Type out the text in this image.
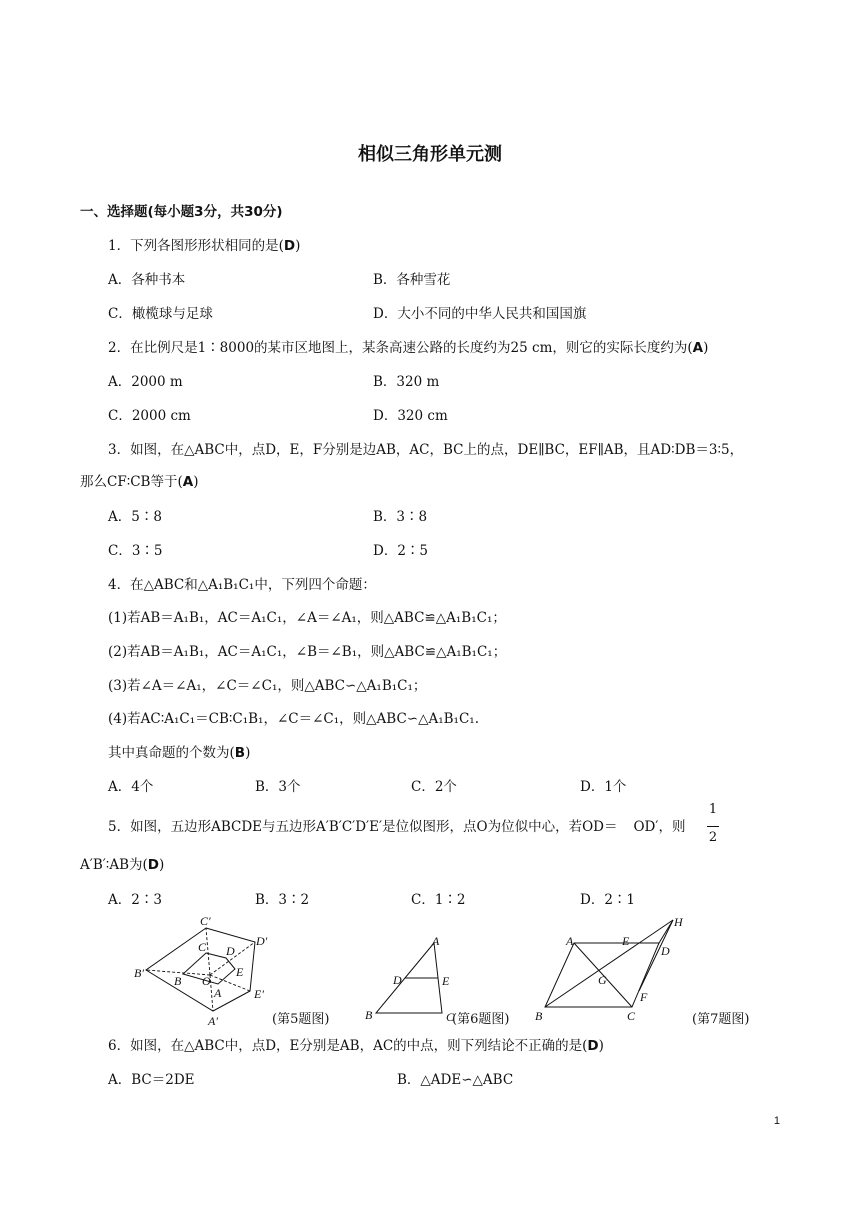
相似三角形单元测
一、选择题(每小题3分，共30分)
1．下列各图形形状相同的是(D)
A．各种书本	B．各种雪花
C．橄榄球与足球	D．大小不同的中华人民共和国国旗
2．在比例尺是1∶8000的某市区地图上，某条高速公路的长度约为25 cm，则它的实际长度约为(A)
A．2000 m	B．320 m
C．2000 cm	D．320 cm
3．如图，在△ABC中，点D，E，F分别是边AB，AC，BC上的点，DE∥BC，EF∥AB，且AD∶DB＝3∶5，
那么CF∶CB等于(A)
A．5∶8	B．3∶8
C．3∶5	D．2∶5
4．在△ABC和△A₁B₁C₁中，下列四个命题：
(1)若AB＝A₁B₁，AC＝A₁C₁，∠A＝∠A₁，则△ABC≌△A₁B₁C₁；
(2)若AB＝A₁B₁，AC＝A₁C₁，∠B＝∠B₁，则△ABC≌△A₁B₁C₁；
(3)若∠A＝∠A₁，∠C＝∠C₁，则△ABC∽△A₁B₁C₁；
(4)若AC∶A₁C₁＝CB∶C₁B₁，∠C＝∠C₁，则△ABC∽△A₁B₁C₁.
其中真命题的个数为(B)
A．4个	B．3个	C．2个	D．1个
5．如图，五边形ABCDE与五边形A′B′C′D′E′是位似图形，点O为位似中心，若OD＝ OD′，则
1
2
A′B′∶AB为(D)
A．2∶3	B．3∶2	C．1∶2	D．2∶1
C′
D′
B′
E′
A′
C D
B
E
A
O
(第5题图)
A
D	E
B	C
(第6题图)
H
A	E
D
G
F
B	C	(第7题图)
6．如图，在△ABC中，点D，E分别是AB，AC的中点，则下列结论不正确的是(D)
A．BC＝2DE	B．△ADE∽△ABC
1
